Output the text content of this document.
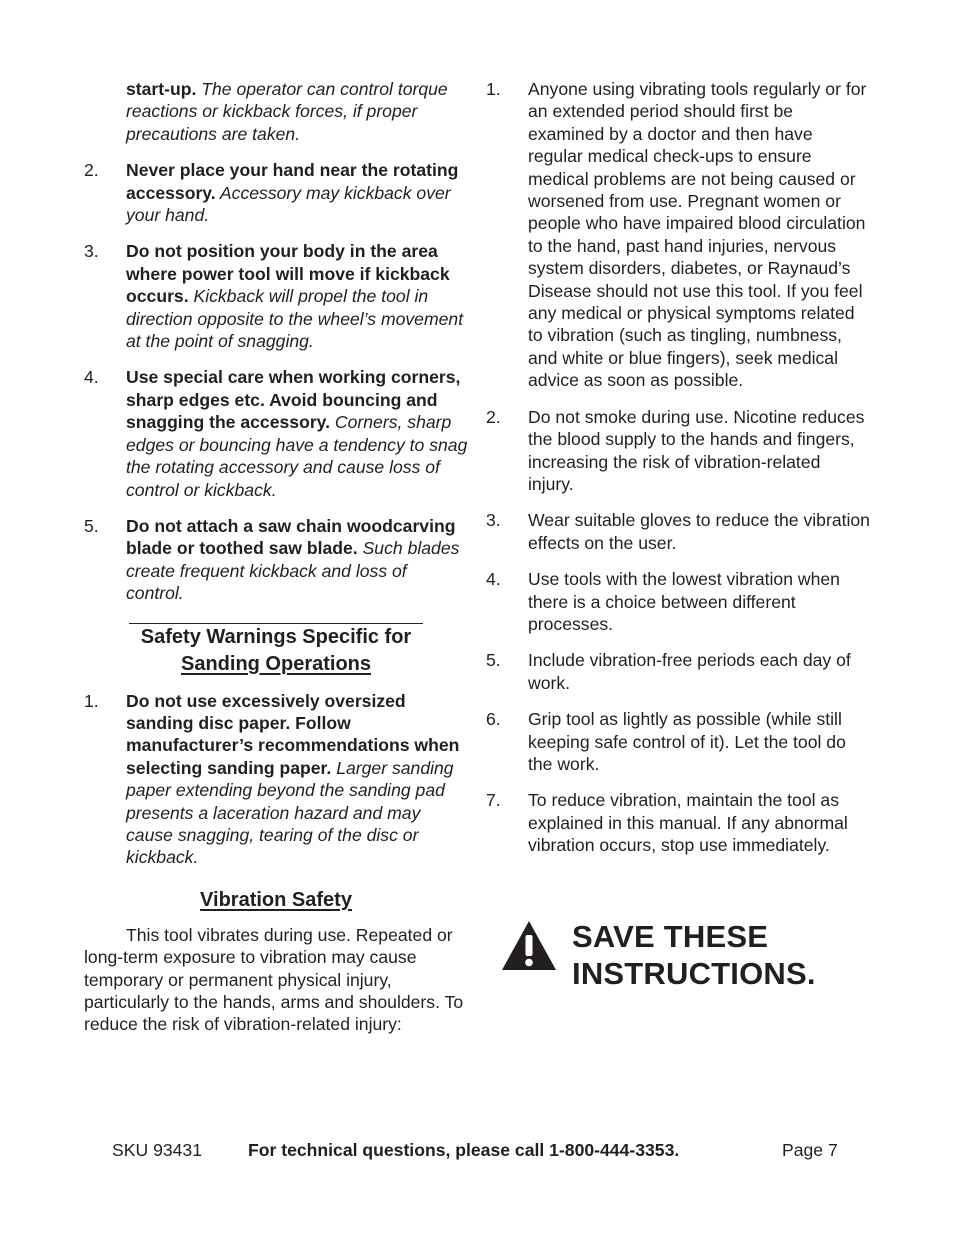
start-up. The operator can control torque reactions or kickback forces, if proper precautions are taken.
2.	Never place your hand near the rotating accessory. Accessory may kickback over your hand.
3.	Do not position your body in the area where power tool will move if kickback occurs. Kickback will propel the tool in direction opposite to the wheel’s movement at the point of snagging.
4.	Use special care when working corners, sharp edges etc. Avoid bouncing and snagging the accessory. Corners, sharp edges or bouncing have a tendency to snag the rotating accessory and cause loss of control or kickback.
5.	Do not attach a saw chain woodcarving blade or toothed saw blade. Such blades create frequent kickback and loss of control.
Safety Warnings Specific for
Sanding Operations
1.	Do not use excessively oversized sanding disc paper. Follow manufacturer’s recommendations when selecting sanding paper. Larger sanding paper extending beyond the sanding pad presents a laceration hazard and may cause snagging, tearing of the disc or kickback.
Vibration Safety

This tool vibrates during use. Repeated or long-term exposure to vibration may cause temporary or permanent physical injury, particularly to the hands, arms and shoulders. To reduce the risk of vibration-related injury:

1.	Anyone using vibrating tools regularly or for an extended period should first be examined by a doctor and then have regular medical check-ups to ensure medical problems are not being caused or worsened from use. Pregnant women or people who have impaired blood circulation to the hand, past hand injuries, nervous system disorders, diabetes, or Raynaud’s Disease should not use this tool. If you feel any medical or physical symptoms related to vibration (such as tingling, numbness, and white or blue fingers), seek medical advice as soon as possible.
2.	Do not smoke during use. Nicotine reduces the blood supply to the hands and fingers, increasing the risk of vibration-related injury.
3.	Wear suitable gloves to reduce the vibration effects on the user.
4.	Use tools with the lowest vibration when there is a choice between different processes.
5.	Include vibration-free periods each day of work.
6.	Grip tool as lightly as possible (while still keeping safe control of it). Let the tool do the work.
7.	To reduce vibration, maintain the tool as explained in this manual. If any abnormal vibration occurs, stop use immediately.
SAVE THESE
INSTRUCTIONS.
SKU 93431	For technical questions, please call 1-800-444-3353.	Page 7
